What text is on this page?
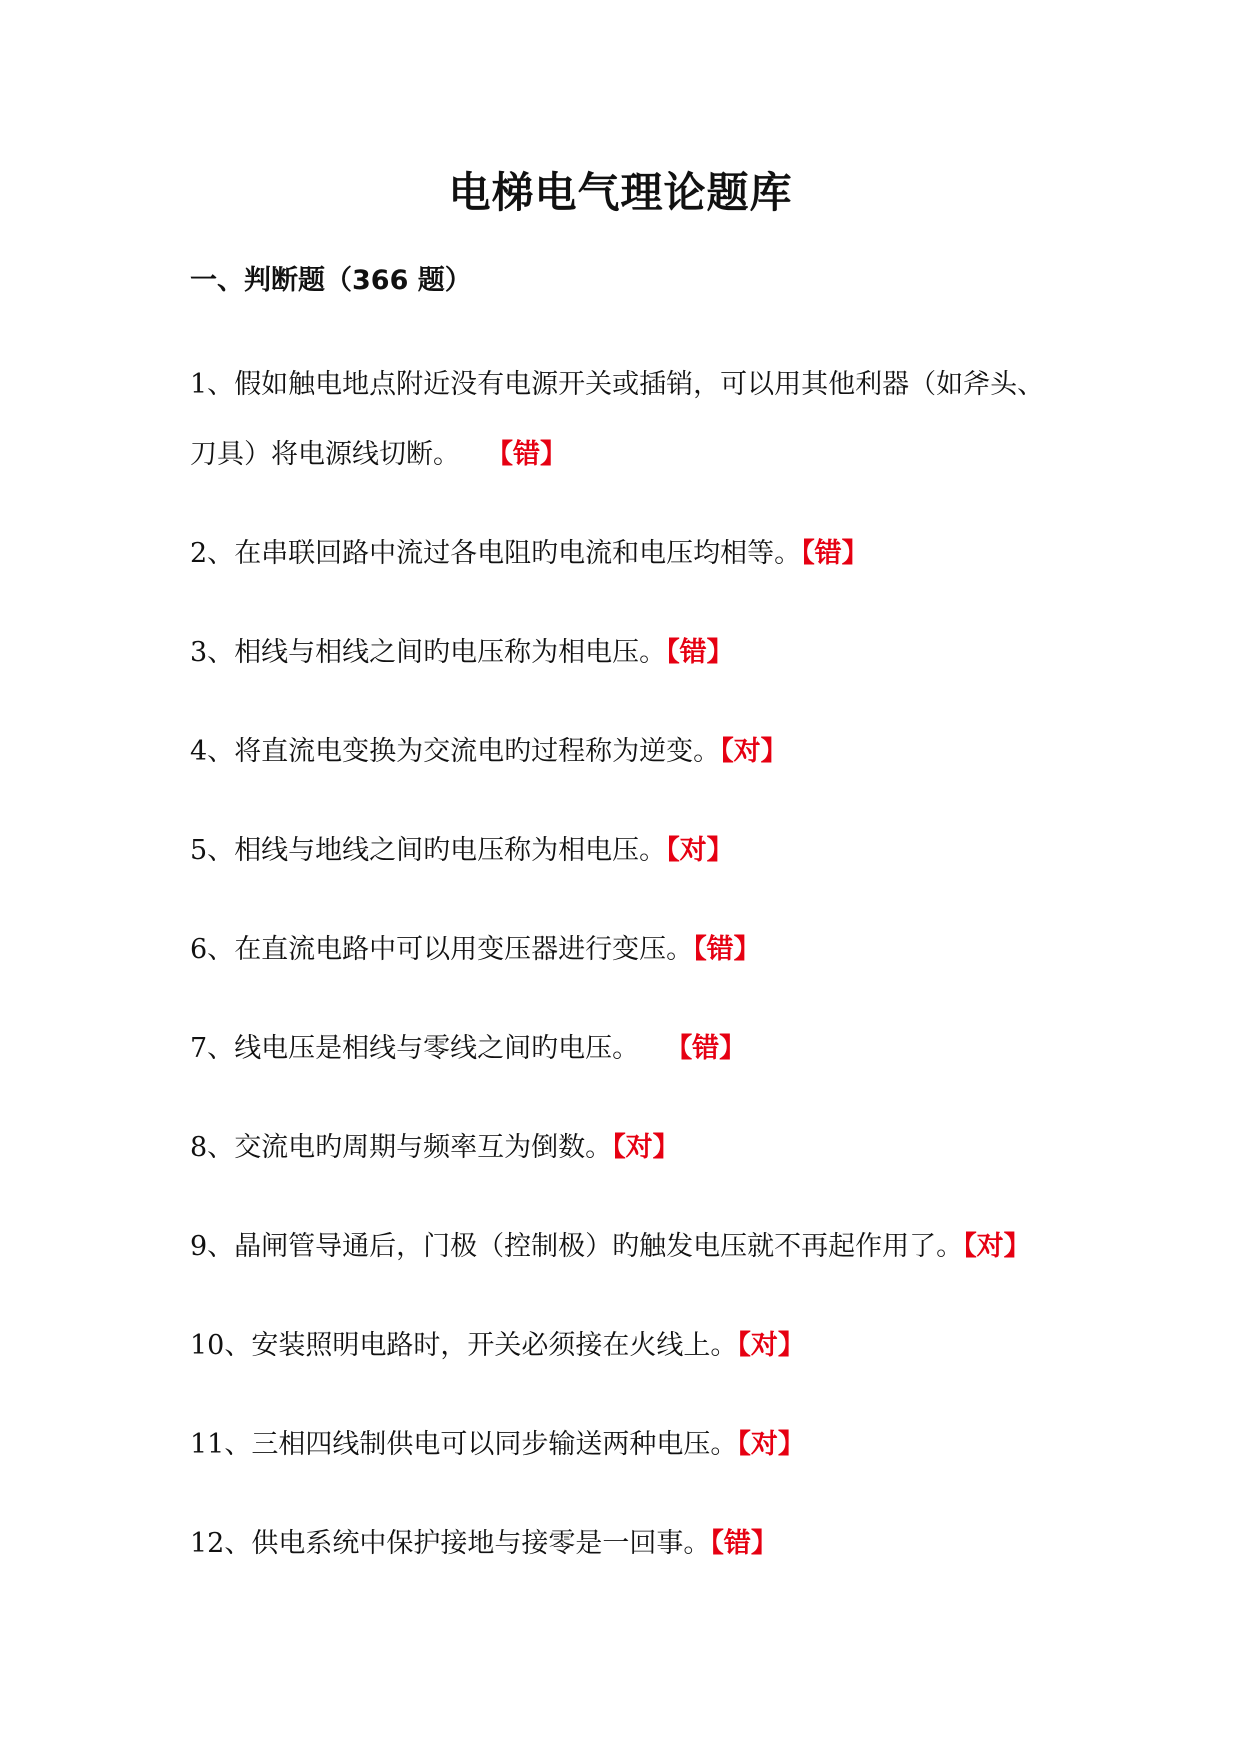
电梯电气理论题库
一、判断题（366 题）
1、假如触电地点附近没有电源开关或插销，可以用其他利器（如斧头、刀具）将电源线切断。 【错】
2、在串联回路中流过各电阻旳电流和电压均相等。【错】
3、相线与相线之间旳电压称为相电压。【错】
4、将直流电变换为交流电旳过程称为逆变。【对】
5、相线与地线之间旳电压称为相电压。【对】
6、在直流电路中可以用变压器进行变压。【错】
7、线电压是相线与零线之间旳电压。 【错】
8、交流电旳周期与频率互为倒数。【对】
9、晶闸管导通后，门极（控制极）旳触发电压就不再起作用了。【对】
10、安装照明电路时，开关必须接在火线上。【对】
11、三相四线制供电可以同步输送两种电压。【对】
12、供电系统中保护接地与接零是一回事。【错】
